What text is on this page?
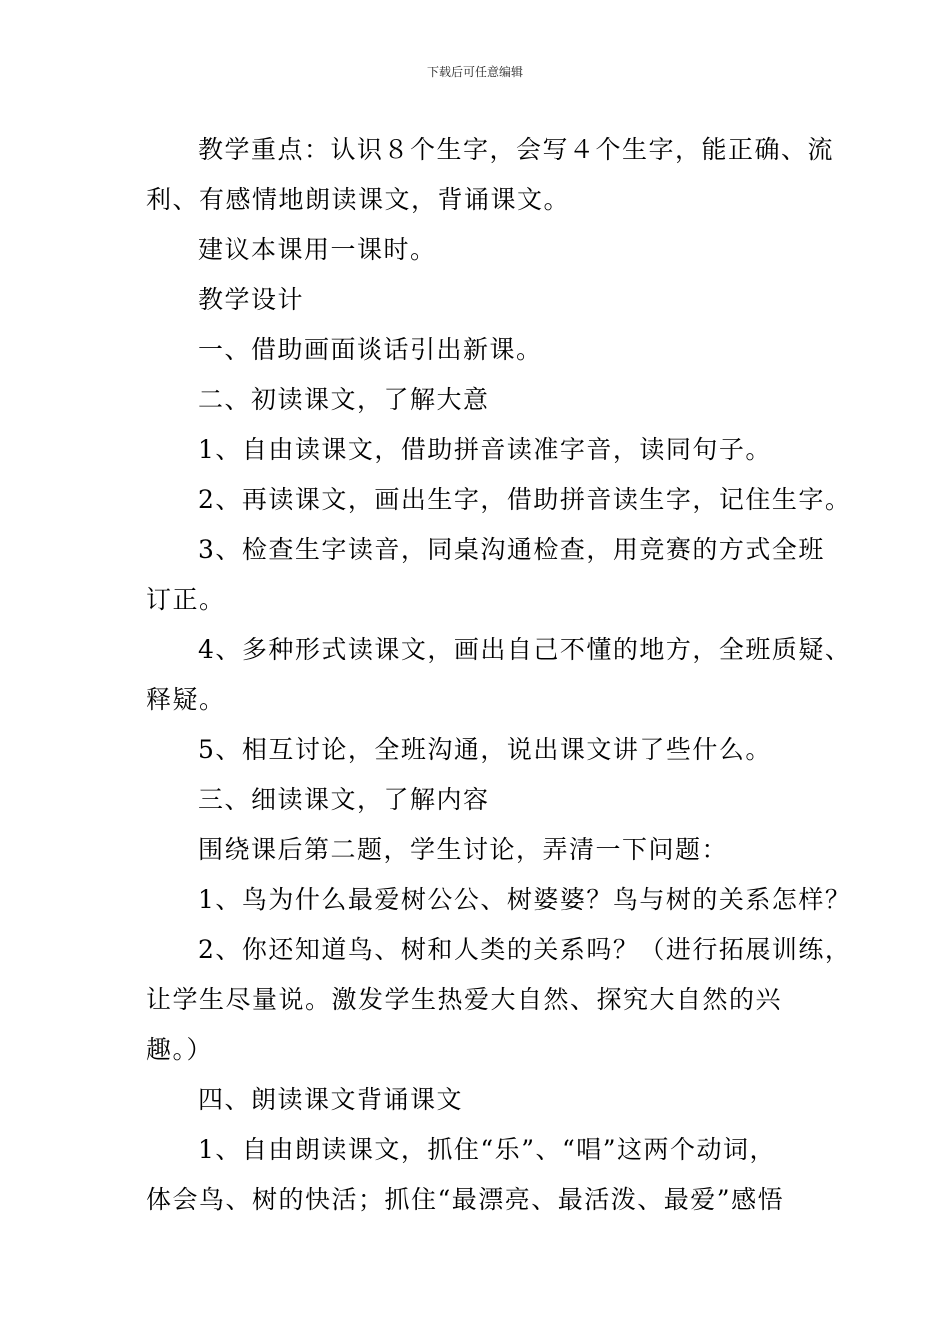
下载后可任意编辑

教学重点：认识８个生字，会写４个生字，能正确、流
利、有感情地朗读课文，背诵课文。

建议本课用一课时。

教学设计

一、借助画面谈话引出新课。

二、初读课文，了解大意

1、自由读课文，借助拼音读准字音，读同句子。

2、再读课文，画出生字，借助拼音读生字，记住生字。

3、检查生字读音，同桌沟通检查，用竞赛的方式全班
订正。

4、多种形式读课文，画出自己不懂的地方，全班质疑、
释疑。

5、相互讨论，全班沟通，说出课文讲了些什么。

三、细读课文，了解内容

围绕课后第二题，学生讨论，弄清一下问题：

1、鸟为什么最爱树公公、树婆婆？鸟与树的关系怎样？

2、你还知道鸟、树和人类的关系吗？（进行拓展训练，
让学生尽量说。激发学生热爱大自然、探究大自然的兴
趣。）

四、朗读课文背诵课文

1、自由朗读课文，抓住“乐”、“唱”这两个动词，
体会鸟、树的快活；抓住“最漂亮、最活泼、最爱”感悟
